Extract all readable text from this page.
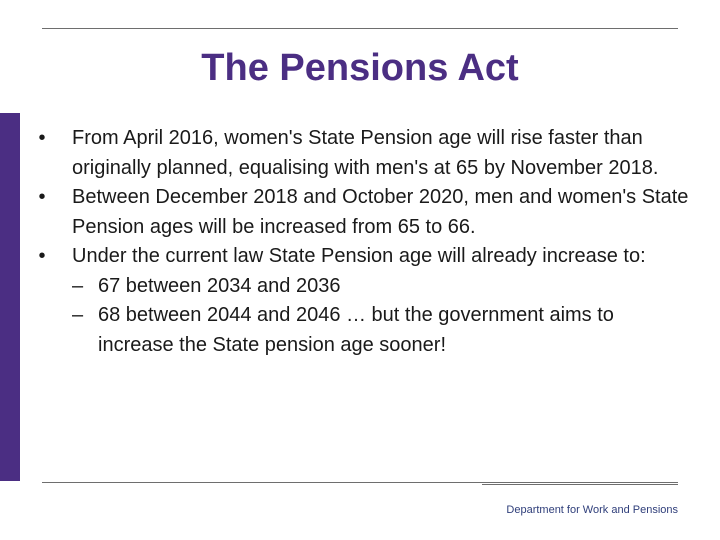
The Pensions Act
•	From April 2016, women's State Pension age will rise faster than originally planned, equalising with men's at 65 by November 2018.
•	Between December 2018 and October 2020, men and women's State Pension ages will be increased from 65 to 66.
•	Under the current law State Pension age will already increase to:
– 67 between 2034 and 2036
– 68 between 2044 and 2046 … but the government aims to increase the State pension age sooner!
Department for Work and Pensions
